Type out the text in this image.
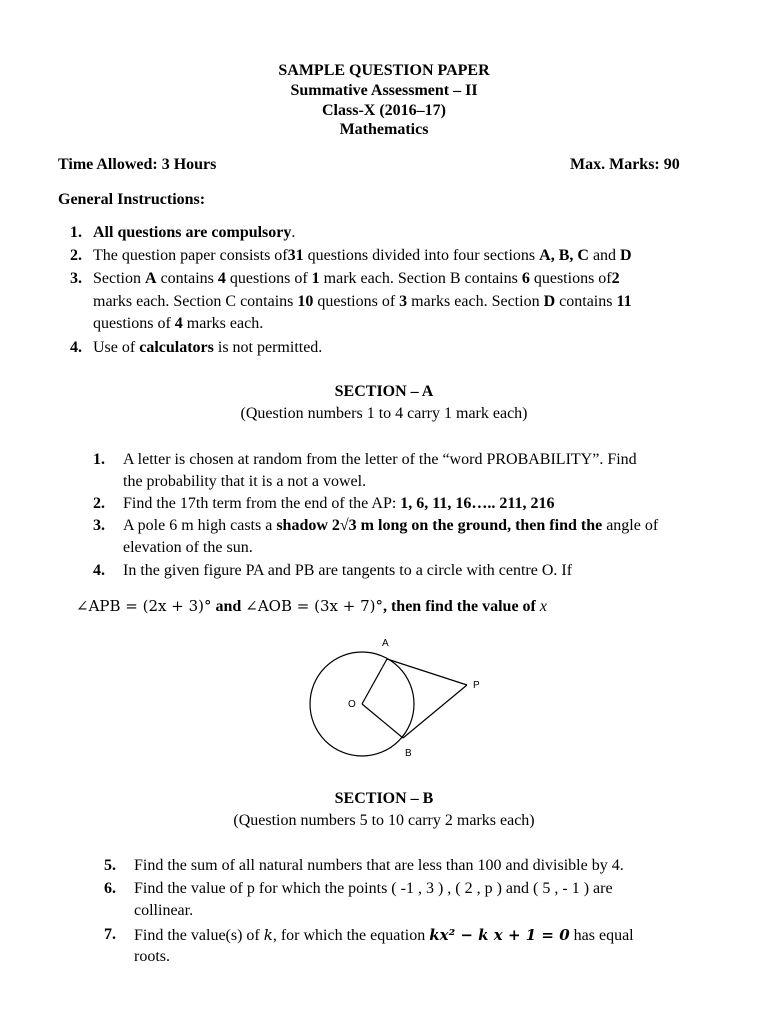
SAMPLE QUESTION PAPER
Summative Assessment – II
Class-X (2016–17)
Mathematics
Time Allowed: 3 Hours	Max. Marks: 90
General Instructions:
1. All questions are compulsory.
2. The question paper consists of31 questions divided into four sections A, B, C and D
3. Section A contains 4 questions of 1 mark each. Section B contains 6 questions of2
marks each. Section C contains 10 questions of 3 marks each. Section D contains 11
questions of 4 marks each.
4. Use of calculators is not permitted.
SECTION – A
(Question numbers 1 to 4 carry 1 mark each)
1. A letter is chosen at random from the letter of the “word PROBABILITY”. Find
the probability that it is a not a vowel.
2. Find the 17th term from the end of the AP: 1, 6, 11, 16….. 211, 216
3. A pole 6 m high casts a shadow 2√3 m long on the ground, then find the angle of
elevation of the sun.
4. In the given figure PA and PB are tangents to a circle with centre O. If
∠APB = (2x + 3)° and ∠AOB = (3x + 7)°, then find the value of x
A
B
O
P
SECTION – B
(Question numbers 5 to 10 carry 2 marks each)
5. Find the sum of all natural numbers that are less than 100 and divisible by 4.
6. Find the value of p for which the points ( -1 , 3 ) , ( 2 , p ) and ( 5 , - 1 ) are
collinear.
7. Find the value(s) of k, for which the equation kx² − k x + 1 = 0 has equal
roots.
